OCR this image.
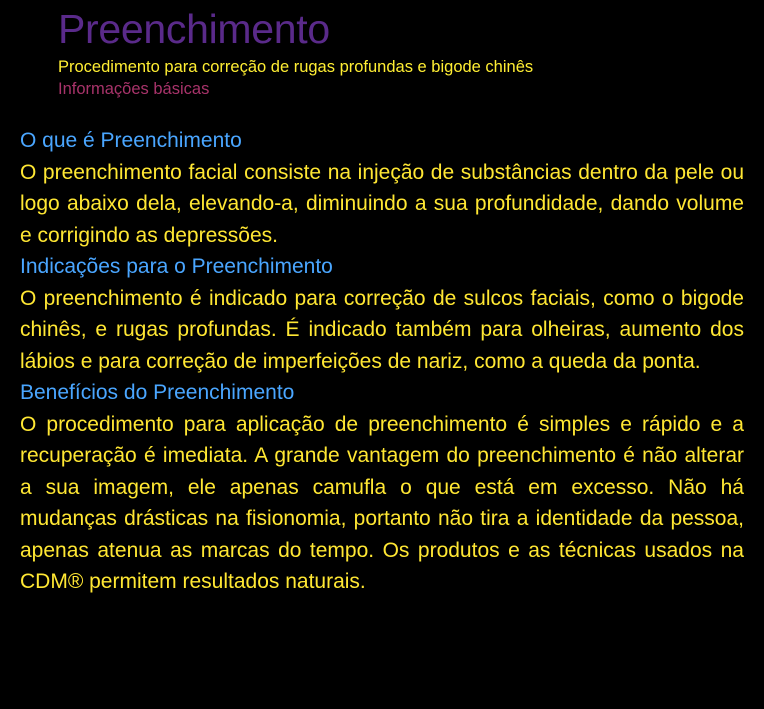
Preenchimento

Procedimento para correção de rugas profundas e bigode chinês

Informações básicas

O que é Preenchimento

O preenchimento facial consiste na injeção de substâncias dentro da pele ou logo abaixo dela, elevando-a, diminuindo a sua profundidade, dando volume e corrigindo as depressões.

Indicações para o Preenchimento

O preenchimento é indicado para correção de sulcos faciais, como o bigode chinês, e rugas profundas. É indicado também para olheiras, aumento dos lábios e para correção de imperfeições de nariz, como a queda da ponta.

Benefícios do Preenchimento

O procedimento para aplicação de preenchimento é simples e rápido e a recuperação é imediata. A grande vantagem do preenchimento é não alterar a sua imagem, ele apenas camufla o que está em excesso. Não há mudanças drásticas na fisionomia, portanto não tira a identidade da pessoa, apenas atenua as marcas do tempo. Os produtos e as técnicas usados na CDM® permitem resultados naturais.
